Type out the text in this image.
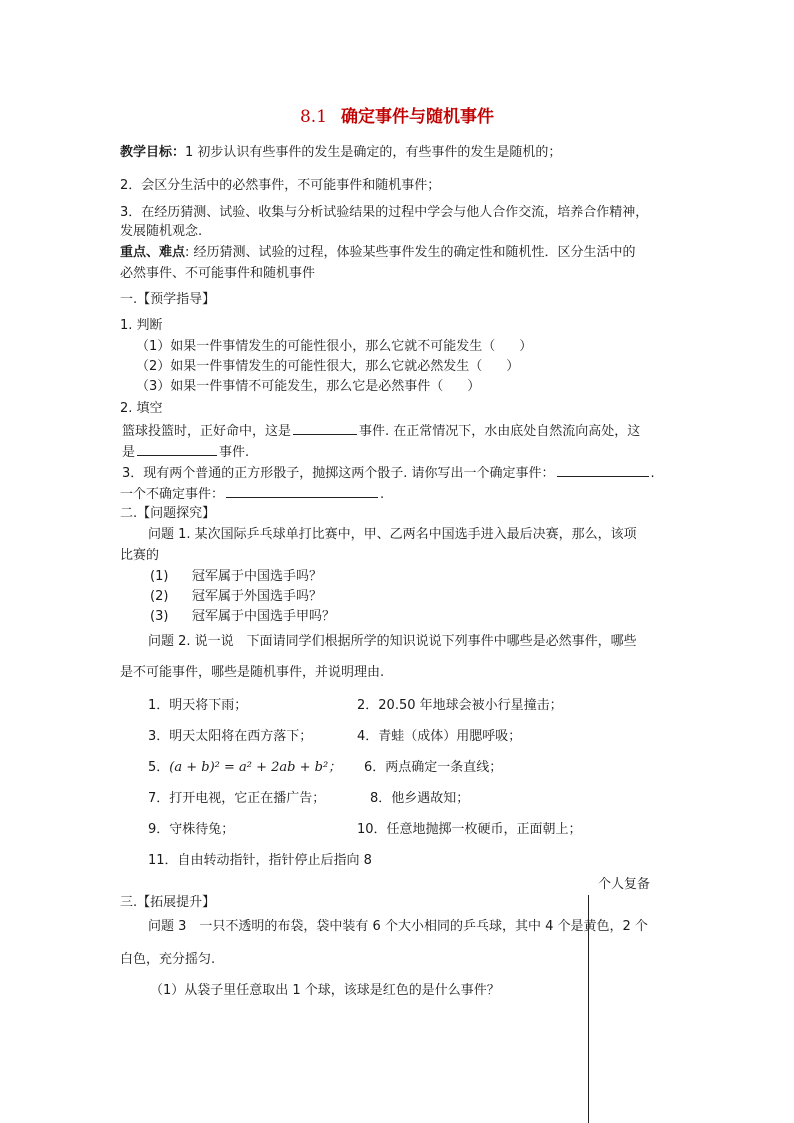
8.1 确定事件与随机事件
教学目标：1 初步认识有些事件的发生是确定的，有些事件的发生是随机的；
2．会区分生活中的必然事件，不可能事件和随机事件；
3．在经历猜测、试验、收集与分析试验结果的过程中学会与他人合作交流，培养合作精神，
发展随机观念.
重点、难点: 经历猜测、试验的过程，体验某些事件发生的确定性和随机性．区分生活中的
必然事件、不可能事件和随机事件
一.【预学指导】
1. 判断
（1）如果一件事情发生的可能性很小，那么它就不可能发生（ ）
（2）如果一件事情发生的可能性很大，那么它就必然发生（ ）
（3）如果一件事情不可能发生，那么它是必然事件（ ）
2. 填空
篮球投篮时，正好命中，这是	事件. 在正常情况下，水由底处自然流向高处，这
是	事件.
3．现有两个普通的正方形骰子，抛掷这两个骰子. 请你写出一个确定事件：	.
一个不确定事件：	.
二.【问题探究】
问题 1. 某次国际乒乓球单打比赛中，甲、乙两名中国选手进入最后决赛，那么，该项
比赛的
(1) 冠军属于中国选手吗？
(2) 冠军属于外国选手吗？
(3) 冠军属于中国选手甲吗？
问题 2. 说一说　下面请同学们根据所学的知识说说下列事件中哪些是必然事件，哪些
是不可能事件，哪些是随机事件，并说明理由.
1．明天将下雨；	2．20.50 年地球会被小行星撞击；
3．明天太阳将在西方落下；	4．青蛙（成体）用腮呼吸；
5．(a + b)² = a² + 2ab + b²； 6．两点确定一条直线；
7．打开电视，它正在播广告；	8．他乡遇故知；
9．守株待兔；	10．任意地抛掷一枚硬币，正面朝上；
11．自由转动指针，指针停止后指向 8
个人复备
三.【拓展提升】
问题 3　一只不透明的布袋，袋中装有 6 个大小相同的乒乓球，其中 4 个是黄色，2 个
白色，充分摇匀.
（1）从袋子里任意取出 1 个球，该球是红色的是什么事件？
